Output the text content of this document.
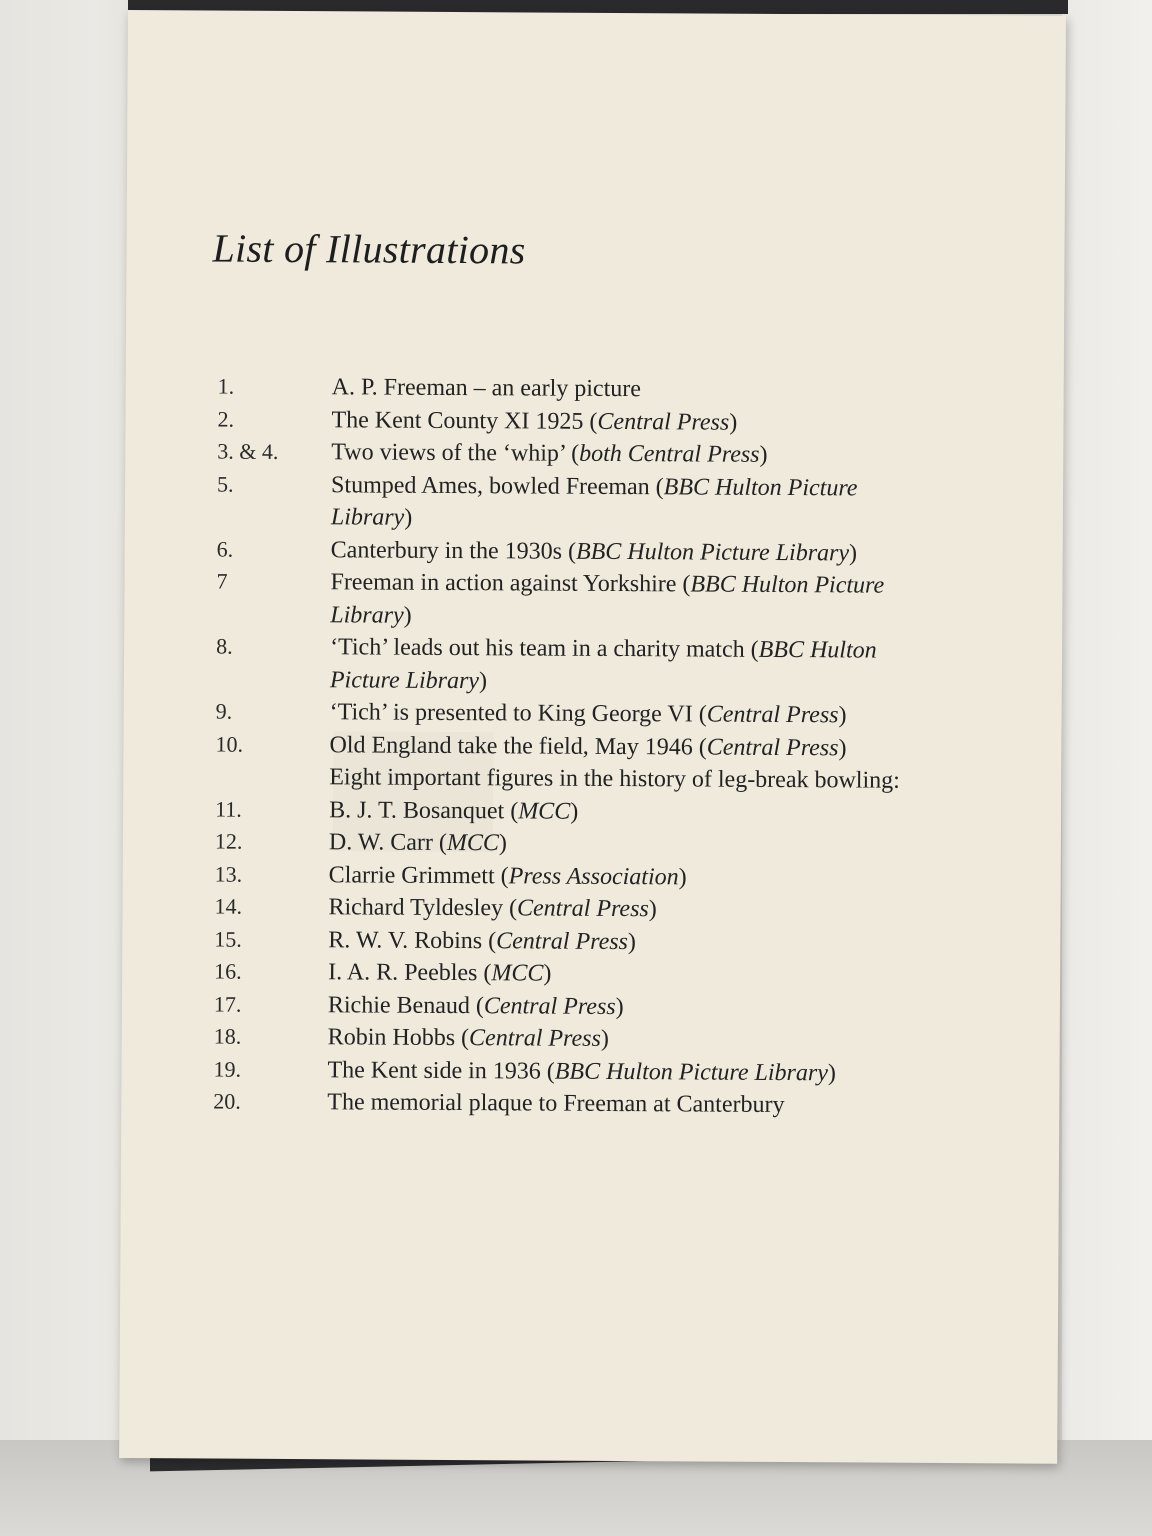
List of Illustrations
1.	A. P. Freeman – an early picture
2.	The Kent County XI 1925 (Central Press)
3. & 4.	Two views of the ‘whip’ (both Central Press)
5.	Stumped Ames, bowled Freeman (BBC Hulton Picture Library)
6.	Canterbury in the 1930s (BBC Hulton Picture Library)
7	Freeman in action against Yorkshire (BBC Hulton Picture Library)
8.	‘Tich’ leads out his team in a charity match (BBC Hulton Picture Library)
9.	‘Tich’ is presented to King George VI (Central Press)
10.	Old England take the field, May 1946 (Central Press)
Eight important figures in the history of leg-break bowling:
11.	B. J. T. Bosanquet (MCC)
12.	D. W. Carr (MCC)
13.	Clarrie Grimmett (Press Association)
14.	Richard Tyldesley (Central Press)
15.	R. W. V. Robins (Central Press)
16.	I. A. R. Peebles (MCC)
17.	Richie Benaud (Central Press)
18.	Robin Hobbs (Central Press)
19.	The Kent side in 1936 (BBC Hulton Picture Library)
20.	The memorial plaque to Freeman at Canterbury
